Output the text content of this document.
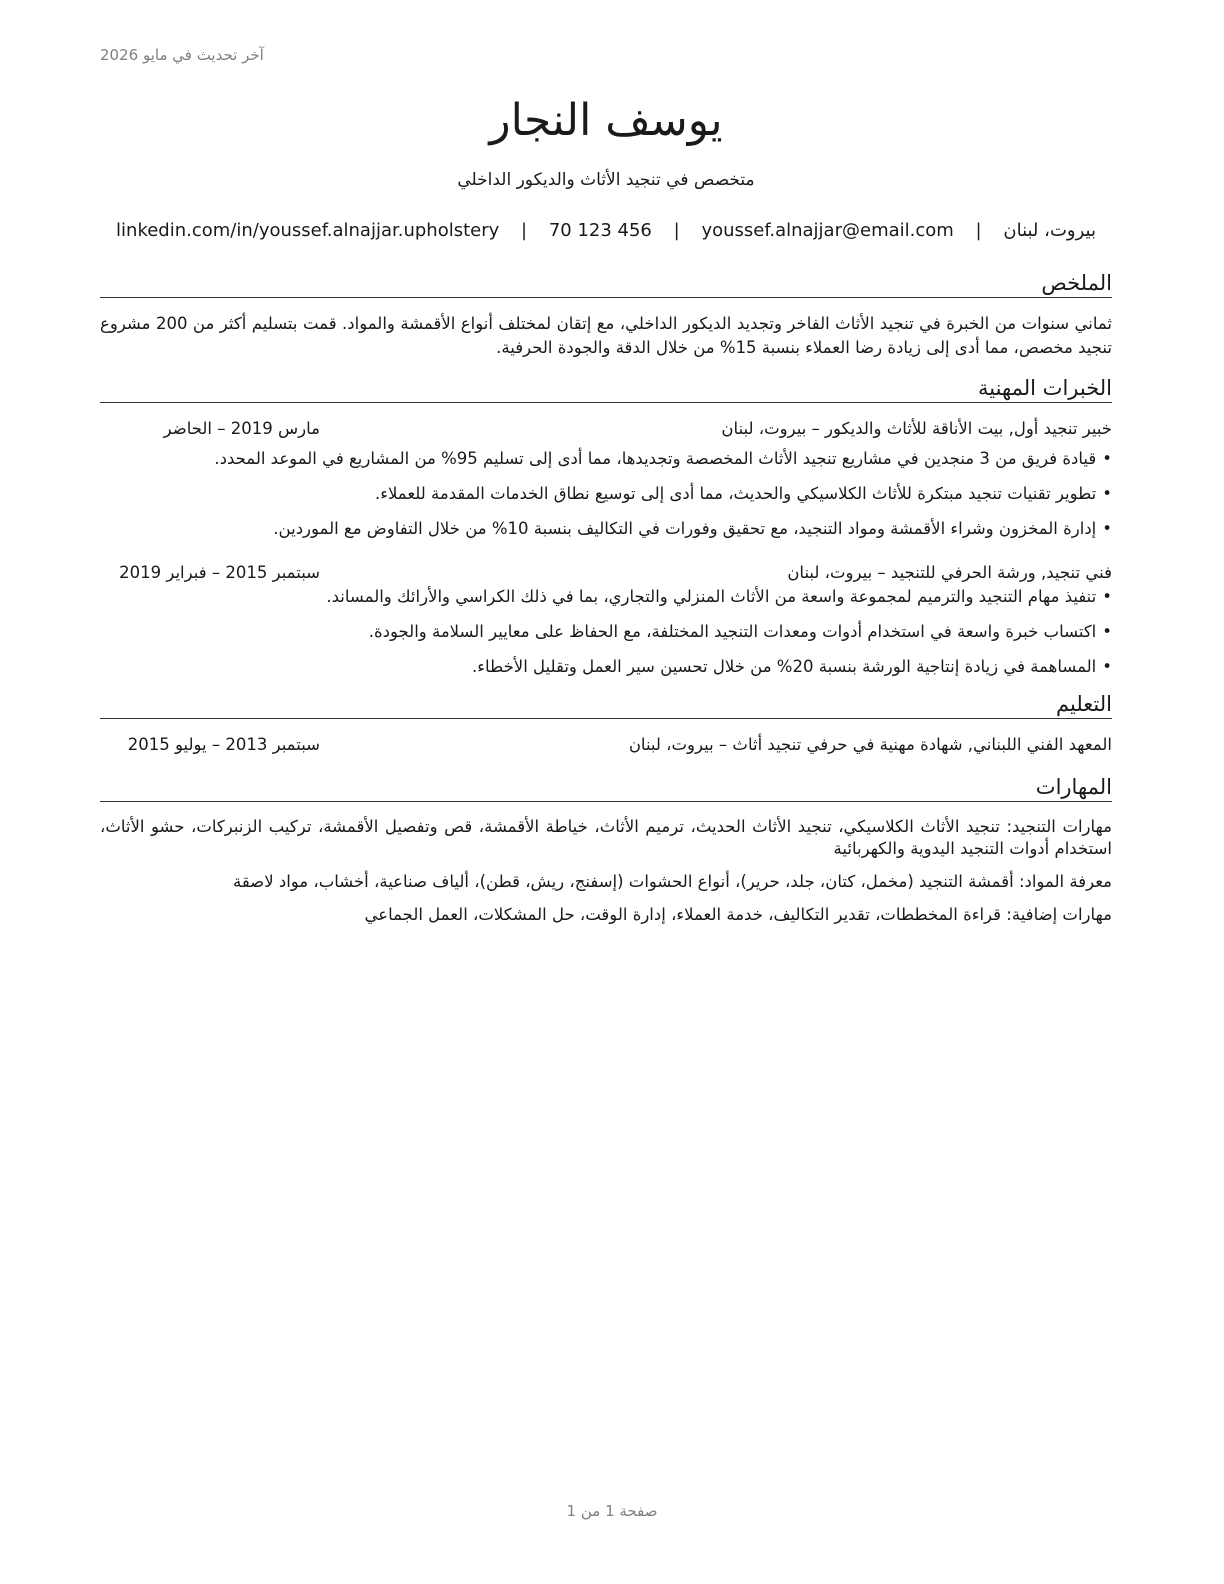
آخر تحديث في مايو 2026
يوسف النجار
متخصص في تنجيد الأثاث والديكور الداخلي
بيروت، لبنان | youssef.alnajjar@email.com | 70 123 456 | linkedin.com/in/youssef.alnajjar.upholstery
الملخص
ثماني سنوات من الخبرة في تنجيد الأثاث الفاخر وتجديد الديكور الداخلي، مع إتقان لمختلف أنواع الأقمشة والمواد. قمت بتسليم أكثر من 200 مشروع تنجيد مخصص، مما أدى إلى زيادة رضا العملاء بنسبة 15% من خلال الدقة والجودة الحرفية.
الخبرات المهنية
خبير تنجيد أول, بيت الأناقة للأثاث والديكور – بيروت، لبنان
مارس 2019 – الحاضر
•قيادة فريق من 3 منجدين في مشاريع تنجيد الأثاث المخصصة وتجديدها، مما أدى إلى تسليم 95% من المشاريع في الموعد المحدد.
•تطوير تقنيات تنجيد مبتكرة للأثاث الكلاسيكي والحديث، مما أدى إلى توسيع نطاق الخدمات المقدمة للعملاء.
•إدارة المخزون وشراء الأقمشة ومواد التنجيد، مع تحقيق وفورات في التكاليف بنسبة 10% من خلال التفاوض مع الموردين.
فني تنجيد, ورشة الحرفي للتنجيد – بيروت، لبنان
سبتمبر 2015 – فبراير 2019
•تنفيذ مهام التنجيد والترميم لمجموعة واسعة من الأثاث المنزلي والتجاري، بما في ذلك الكراسي والأرائك والمساند.
•اكتساب خبرة واسعة في استخدام أدوات ومعدات التنجيد المختلفة، مع الحفاظ على معايير السلامة والجودة.
•المساهمة في زيادة إنتاجية الورشة بنسبة 20% من خلال تحسين سير العمل وتقليل الأخطاء.
التعليم
المعهد الفني اللبناني, شهادة مهنية في حرفي تنجيد أثاث – بيروت، لبنان
سبتمبر 2013 – يوليو 2015
المهارات
مهارات التنجيد: تنجيد الأثاث الكلاسيكي، تنجيد الأثاث الحديث، ترميم الأثاث، خياطة الأقمشة، قص وتفصيل الأقمشة، تركيب الزنبركات، حشو الأثاث، استخدام أدوات التنجيد اليدوية والكهربائية
معرفة المواد: أقمشة التنجيد (مخمل، كتان، جلد، حرير)، أنواع الحشوات (إسفنج، ريش، قطن)، ألياف صناعية، أخشاب، مواد لاصقة
مهارات إضافية: قراءة المخططات، تقدير التكاليف، خدمة العملاء، إدارة الوقت، حل المشكلات، العمل الجماعي
صفحة 1 من 1
